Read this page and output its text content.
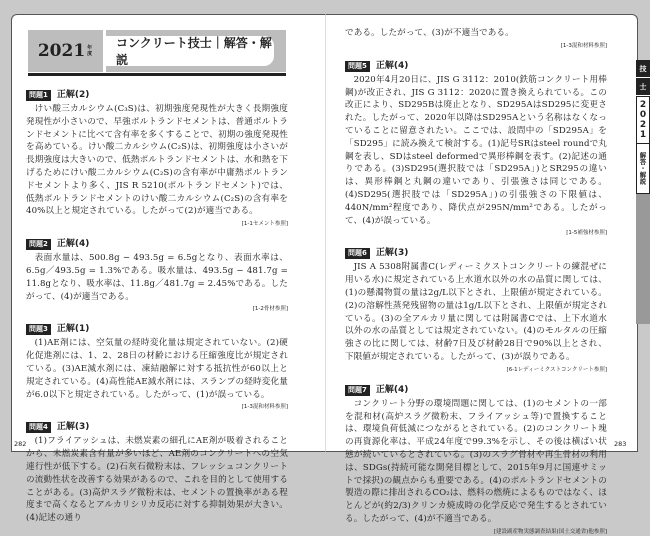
2021 年度
コンクリート技士｜解答・解説
問題1	正解(2)
けい酸三カルシウム(C₃S)は、初期強度発現性が大きく長期強度発現性が小さいので、早強ポルトランドセメントは、普通ポルトランドセメントに比べて含有率を多くすることで、初期の強度発現性を高めている。けい酸二カルシウム(C₂S)は、初期強度は小さいが長期強度は大きいので、低熱ポルトランドセメントは、水和熱を下げるためにけい酸二カルシウム(C₂S)の含有率が中庸熱ポルトランドセメントより多く、JIS R 5210(ポルトランドセメント)では、低熱ポルトランドセメントのけい酸二カルシウム(C₂S)の含有率を40%以上と規定されている。したがって(2)が適当である。
[1-1セメント参照]
問題2	正解(4)
表面水量は、500.8g − 493.5g = 6.5gとなり、表面水率は、6.5g／493.5g = 1.3%である。吸水量は、493.5g − 481.7g = 11.8gとなり、吸水率は、11.8g／481.7g = 2.45%である。したがって、(4)が適当である。
[1-2骨材参照]
問題3	正解(1)
(1)AE剤には、空気量の経時変化量は規定されていない。(2)硬化促進剤には、1、2、28日の材齢における圧縮強度比が規定されている。(3)AE減水剤には、凍結融解に対する抵抗性が60以上と規定されている。(4)高性能AE減水剤には、スランプの経時変化量が6.0以下と規定されている。したがって、(1)が誤っている。
[1-3混和材料参照]
問題4	正解(3)
(1)フライアッシュは、未燃炭素の細孔にAE剤が吸着されることから、未燃炭素含有量が多いほど、AE剤のコンクリートへの空気連行性が低下する。(2)石灰石微粉末は、フレッシュコンクリートの流動性状を改善する効果があるので、これを目的として使用することがある。(3)高炉スラグ微粉末は、セメントの置換率がある程度まで高くなるとアルカリシリカ反応に対する抑制効果が大きい。(4)記述の通り
である。したがって、(3)が不適当である。
[1-3混和材料参照]
問題5	正解(4)
2020年4月20日に、JIS G 3112：2010(鉄筋コンクリート用棒鋼)が改正され、JIS G 3112：2020に置き換えられている。この改正により、SD295Bは廃止となり、SD295AはSD295に変更された。したがって、2020年以降はSD295Aという名称はなくなっていることに留意されたい。ここでは、設問中の「SD295A」を「SD295」に読み換えて検討する。(1)記号SRはsteel roundで丸鋼を表し、SDはsteel deformedで異形棒鋼を表す。(2)記述の通りである。(3)SD295(選択肢では「SD295A」)とSR295の違いは、異形棒鋼と丸鋼の違いであり、引張強さは同じである。(4)SD295(選択肢では「SD295A」)の引張強さの下限値は、440N/mm²程度であり、降伏点が295N/mm²である。したがって、(4)が誤っている。
[1-5補強材参照]
問題6	正解(3)
JIS A 5308附属書C(レディーミクストコンクリートの練混ぜに用いる水)に規定されている上水道水以外の水の品質に関しては、(1)の懸濁物質の量は2g/L以下とされ、上限値が規定されている。(2)の溶解性蒸発残留物の量は1g/L以下とされ、上限値が規定されている。(3)の全アルカリ量に関しては附属書Cでは、上下水道水以外の水の品質としては規定されていない。(4)のモルタルの圧縮強さの比に関しては、材齢7日及び材齢28日で90%以上とされ、下限値が規定されている。したがって、(3)が誤りである。
[6-1レディーミクストコンクリート参照]
問題7	正解(4)
コンクリート分野の環境問題に関しては、(1)のセメントの一部を混和材(高炉スラグ微粉末、フライアッシュ等)で置換することは、環境負荷低減につながるとされている。(2)のコンクリート塊の再資源化率は、平成24年度で99.3%を示し、その後は横ばい状態が続いているとされている。(3)のスラグ骨材や再生骨材の利用は、SDGs(持続可能な開発目標として、2015年9月に国連サミットで採択)の観点からも重要である。(4)のポルトランドセメントの製造の際に排出されるCO₂は、燃料の燃焼によるものではなく、ほとんどが(約2/3)クリンカ焼成時の化学反応で発生するとされている。したがって、(4)が不適当である。
[建設副産物実態調査結果(国土交通省)他参照]
282	283
技
士
2
0
2
1
解答・解説
